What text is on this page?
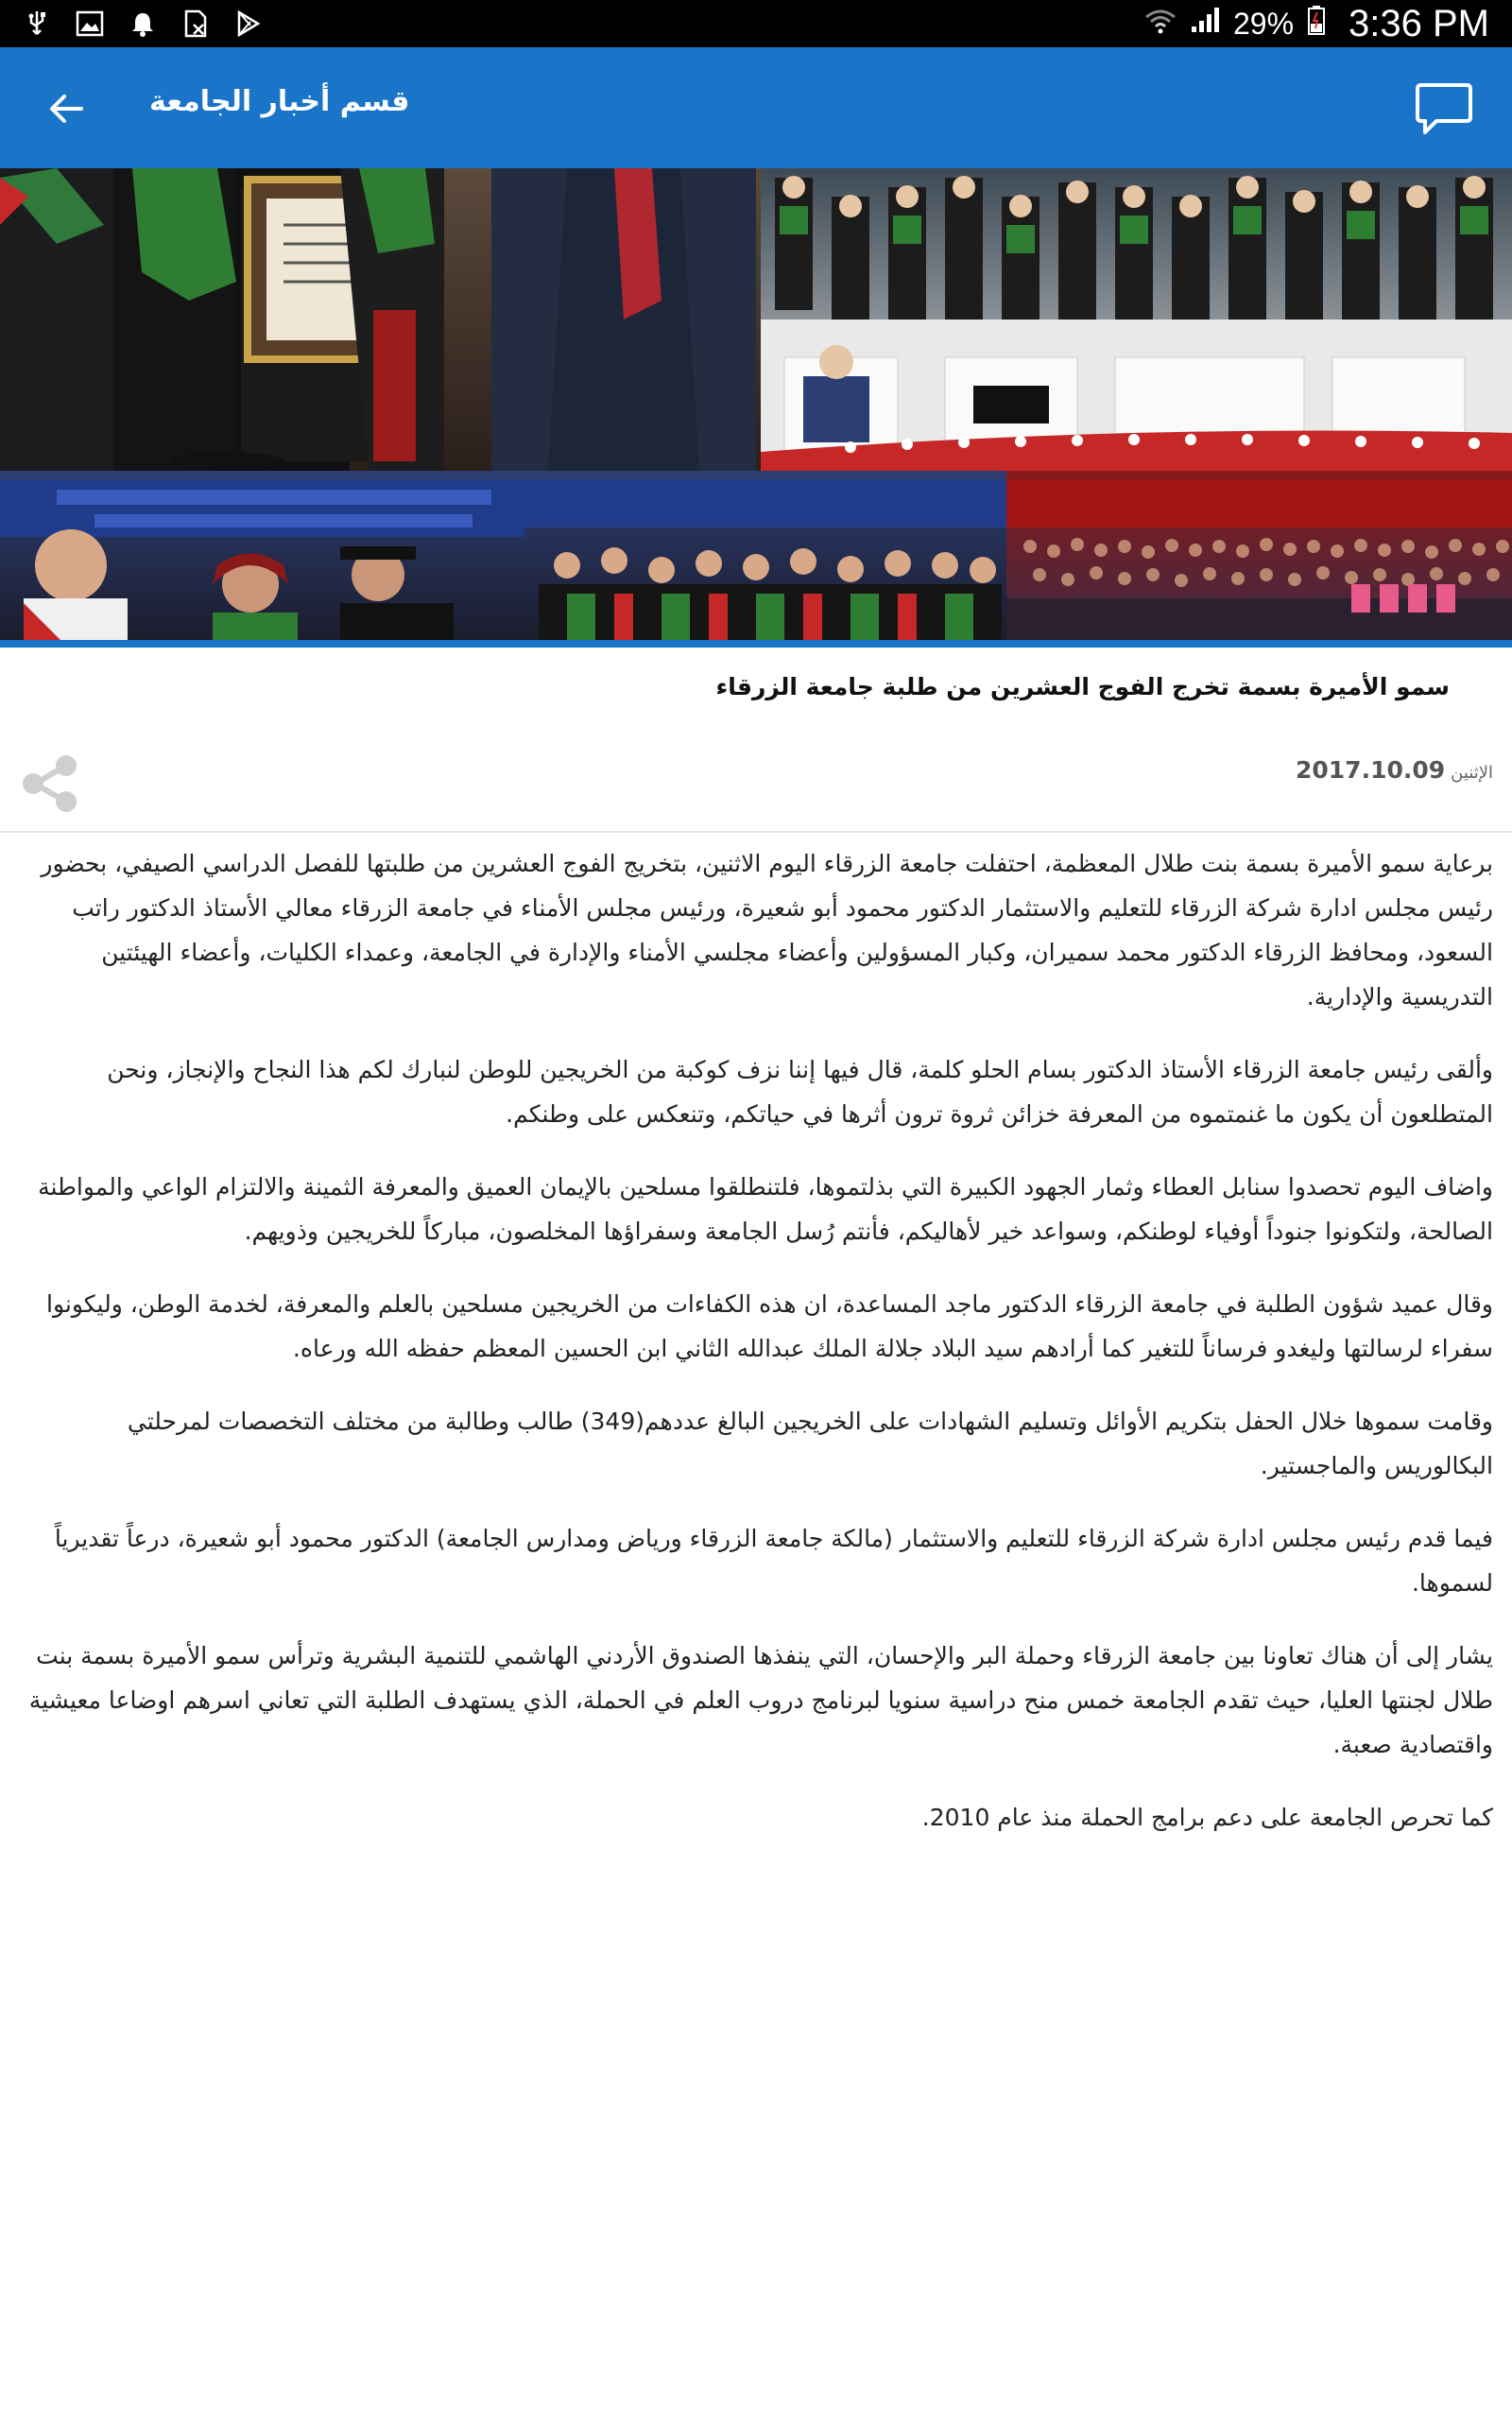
29% 3:36 PM
قسم أخبار الجامعة
سمو الأميرة بسمة تخرج الفوج العشرين من طلبة جامعة الزرقاء
الإثنين
2017.10.09

برعاية سمو الأميرة بسمة بنت طلال المعظمة، احتفلت جامعة الزرقاء اليوم الاثنين، بتخريج الفوج العشرين من طلبتها للفصل الدراسي الصيفي، بحضور رئيس مجلس ادارة شركة الزرقاء للتعليم والاستثمار الدكتور محمود أبو شعيرة، ورئيس مجلس الأمناء في جامعة الزرقاء معالي الأستاذ الدكتور راتب السعود، ومحافظ الزرقاء الدكتور محمد سميران، وكبار المسؤولين وأعضاء مجلسي الأمناء والإدارة في الجامعة، وعمداء الكليات، وأعضاء الهيئتين التدريسية والإدارية.

وألقى رئيس جامعة الزرقاء الأستاذ الدكتور بسام الحلو كلمة، قال فيها إننا نزف كوكبة من الخريجين للوطن لنبارك لكم هذا النجاح والإنجاز، ونحن المتطلعون أن يكون ما غنمتموه من المعرفة خزائن ثروة ترون أثرها في حياتكم، وتنعكس على وطنكم.

واضاف اليوم تحصدوا سنابل العطاء وثمار الجهود الكبيرة التي بذلتموها، فلتنطلقوا مسلحين بالإيمان العميق والمعرفة الثمينة والالتزام الواعي والمواطنة الصالحة، ولتكونوا جنوداً أوفياء لوطنكم، وسواعد خير لأهاليكم، فأنتم رُسل الجامعة وسفراؤها المخلصون، مباركاً للخريجين وذويهم.

وقال عميد شؤون الطلبة في جامعة الزرقاء الدكتور ماجد المساعدة، ان هذه الكفاءات من الخريجين مسلحين بالعلم والمعرفة، لخدمة الوطن، وليكونوا سفراء لرسالتها وليغدو فرساناً للتغير كما أرادهم سيد البلاد جلالة الملك عبدالله الثاني ابن الحسين المعظم حفظه الله ورعاه.

وقامت سموها خلال الحفل بتكريم الأوائل وتسليم الشهادات على الخريجين البالغ عددهم(349) طالب وطالبة من مختلف التخصصات لمرحلتي البكالوريس والماجستير.

فيما قدم رئيس مجلس ادارة شركة الزرقاء للتعليم والاستثمار (مالكة جامعة الزرقاء ورياض ومدارس الجامعة) الدكتور محمود أبو شعيرة، درعاً تقديرياً لسموها.

يشار إلى أن هناك تعاونا بين جامعة الزرقاء وحملة البر والإحسان، التي ينفذها الصندوق الأردني الهاشمي للتنمية البشرية وترأس سمو الأميرة بسمة بنت طلال لجنتها العليا، حيث تقدم الجامعة خمس منح دراسية سنويا لبرنامج دروب العلم في الحملة، الذي يستهدف الطلبة التي تعاني اسرهم اوضاعا معيشية واقتصادية صعبة.

كما تحرص الجامعة على دعم برامج الحملة منذ عام 2010.
